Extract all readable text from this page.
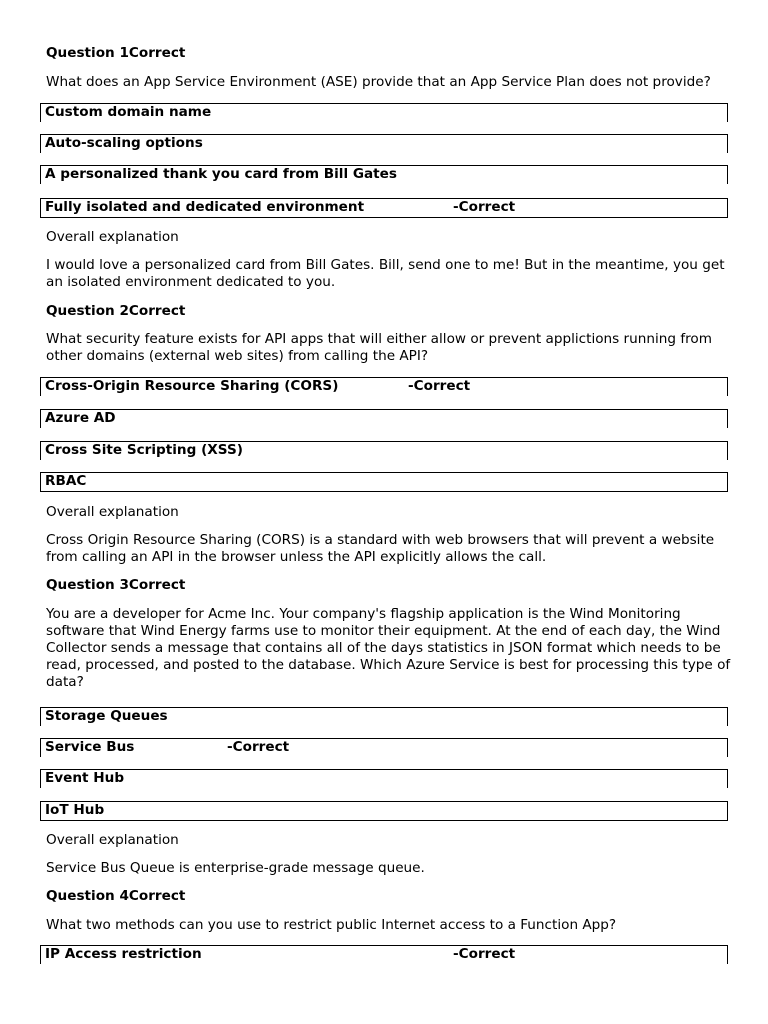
Question 1Correct
What does an App Service Environment (ASE) provide that an App Service Plan does not provide?
Custom domain name
Auto-scaling options
A personalized thank you card from Bill Gates
Fully isolated and dedicated environment	-Correct
Overall explanation
I would love a personalized card from Bill Gates. Bill, send one to me! But in the meantime, you get an isolated environment dedicated to you.
Question 2Correct
What security feature exists for API apps that will either allow or prevent applictions running from other domains (external web sites) from calling the API?
Cross-Origin Resource Sharing (CORS)	-Correct
Azure AD
Cross Site Scripting (XSS)
RBAC
Overall explanation
Cross Origin Resource Sharing (CORS) is a standard with web browsers that will prevent a website from calling an API in the browser unless the API explicitly allows the call.
Question 3Correct
You are a developer for Acme Inc. Your company's flagship application is the Wind Monitoring software that Wind Energy farms use to monitor their equipment. At the end of each day, the Wind Collector sends a message that contains all of the days statistics in JSON format which needs to be read, processed, and posted to the database. Which Azure Service is best for processing this type of data?
Storage Queues
Service Bus	-Correct
Event Hub
IoT Hub
Overall explanation
Service Bus Queue is enterprise-grade message queue.
Question 4Correct
What two methods can you use to restrict public Internet access to a Function App?
IP Access restriction	-Correct
